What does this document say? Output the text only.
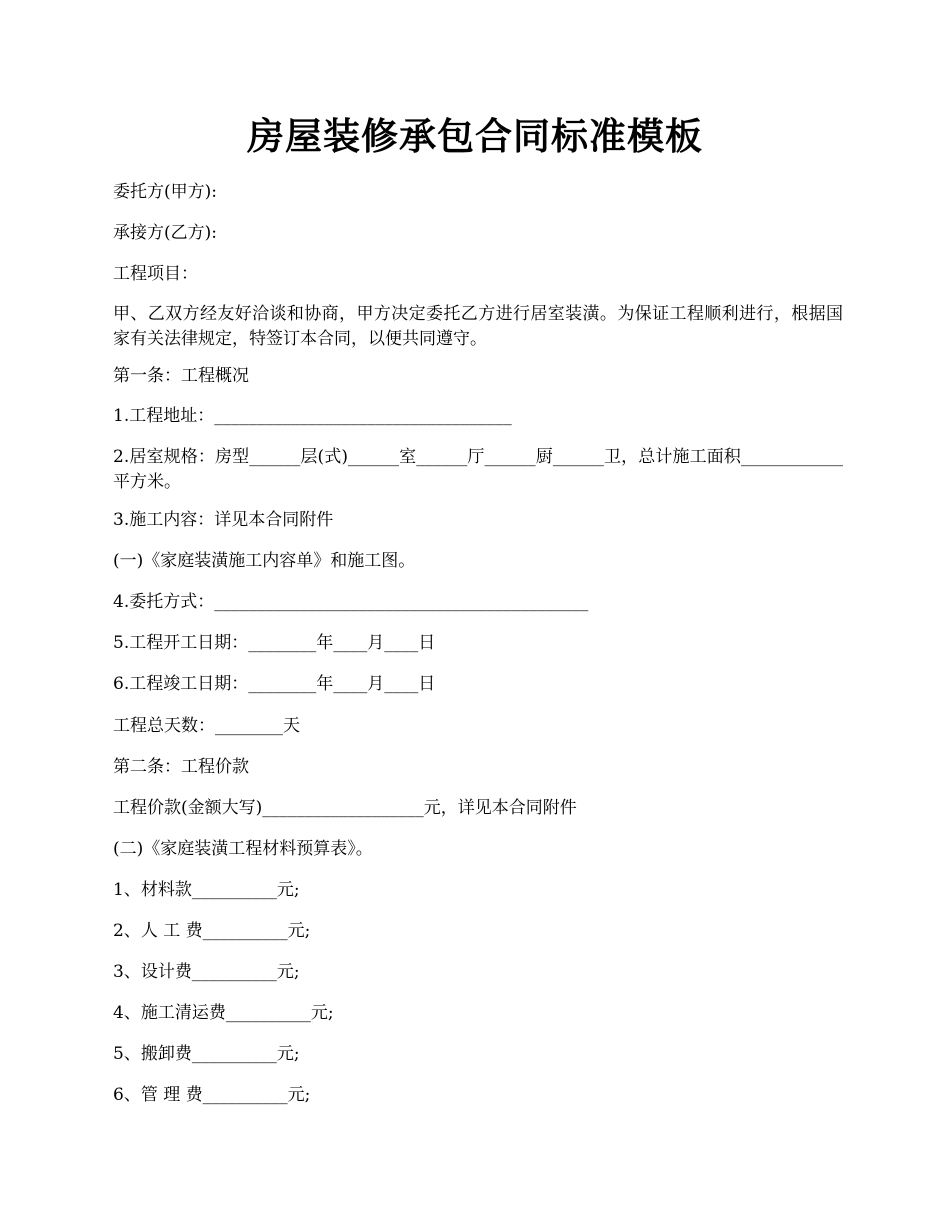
房屋装修承包合同标准模板
委托方(甲方):
承接方(乙方):
工程项目：
甲、乙双方经友好洽谈和协商，甲方决定委托乙方进行居室装潢。为保证工程顺利进行，根据国家有关法律规定，特签订本合同，以便共同遵守。
第一条：工程概况
1.工程地址：___________________________________
2.居室规格：房型______层(式)______室______厅______厨______卫，总计施工面积____________平方米。
3.施工内容：详见本合同附件
(一)《家庭装潢施工内容单》和施工图。
4.委托方式：____________________________________________
5.工程开工日期：________年____月____日
6.工程竣工日期：________年____月____日
工程总天数：________天
第二条：工程价款
工程价款(金额大写)___________________元，详见本合同附件
(二)《家庭装潢工程材料预算表》。
1、材料款__________元;
2、人 工 费__________元;
3、设计费__________元;
4、施工清运费__________元;
5、搬卸费__________元;
6、管 理 费__________元;
